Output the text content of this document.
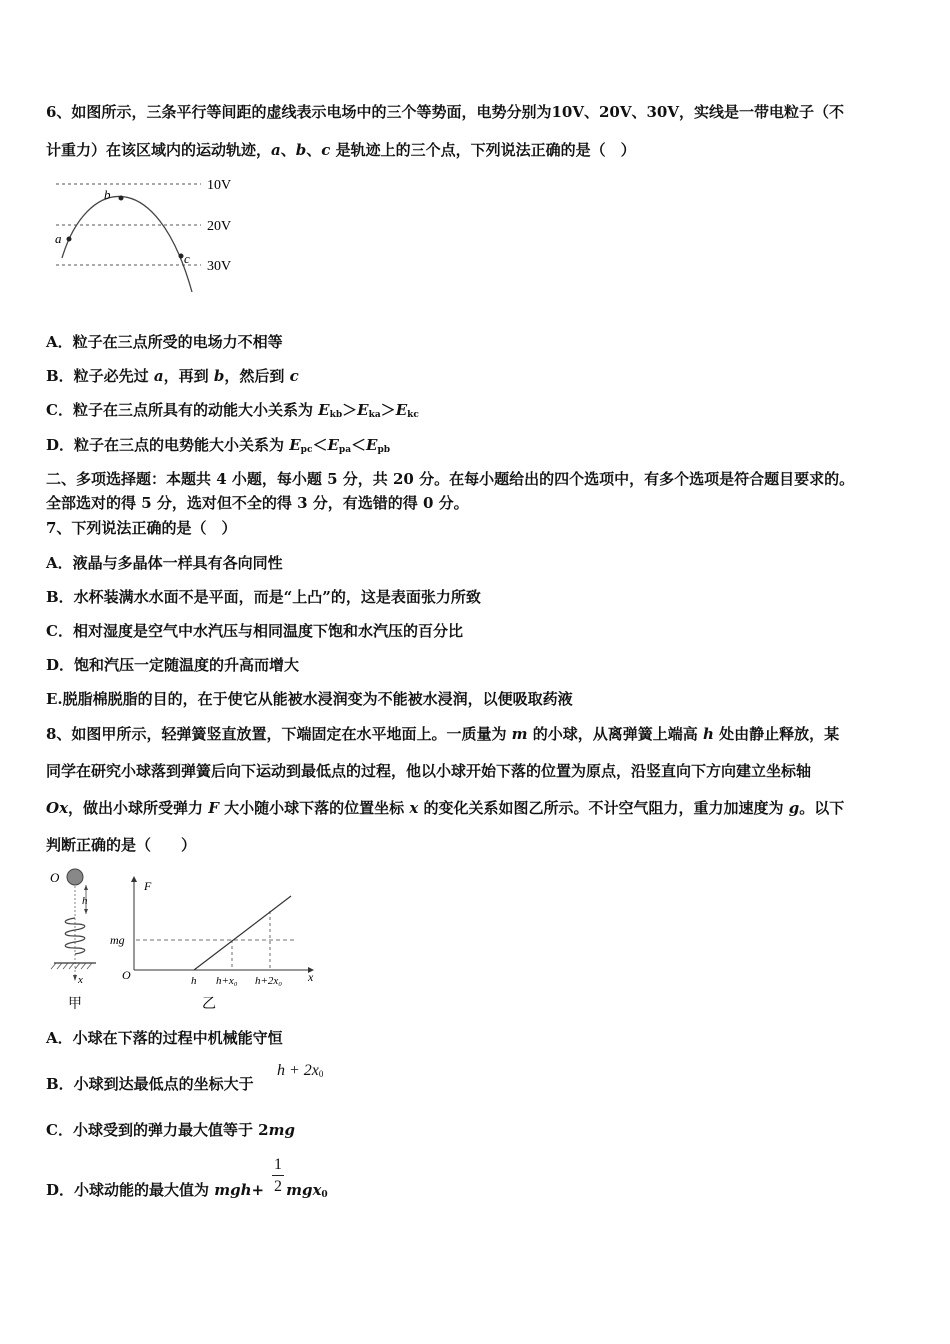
6、如图所示，三条平行等间距的虚线表示电场中的三个等势面，电势分别为10V、20V、30V，实线是一带电粒子（不
计重力）在该区域内的运动轨迹，a、b、c 是轨迹上的三个点，下列说法正确的是（　）
10V
20V
30V
a
b
c
A．粒子在三点所受的电场力不相等
B．粒子必先过 a，再到 b，然后到 c
C．粒子在三点所具有的动能大小关系为 $E_{kb}>E_{ka}>E_{kc}$
D．粒子在三点的电势能大小关系为 $E_{pc}<E_{pa}<E_{pb}$
二、多项选择题：本题共 4 小题，每小题 5 分，共 20 分。在每小题给出的四个选项中，有多个选项是符合题目要求的。
全部选对的得 5 分，选对但不全的得 3 分，有选错的得 0 分。
7、下列说法正确的是（　）
A．液晶与多晶体一样具有各向同性
B．水杯装满水水面不是平面，而是“上凸”的，这是表面张力所致
C．相对湿度是空气中水汽压与相同温度下饱和水汽压的百分比
D．饱和汽压一定随温度的升高而增大
E.脱脂棉脱脂的目的，在于使它从能被水浸润变为不能被水浸润，以便吸取药液
8、如图甲所示，轻弹簧竖直放置，下端固定在水平地面上。一质量为 m 的小球，从离弹簧上端高 h 处由静止释放，某
同学在研究小球落到弹簧后向下运动到最低点的过程，他以小球开始下落的位置为原点，沿竖直向下方向建立坐标轴
Ox，做出小球所受弹力 F 大小随小球下落的位置坐标 x 的变化关系如图乙所示。不计空气阻力，重力加速度为 g。以下
判断正确的是（　　）
O
h
x
甲
F
mg
O	h h+x₀ h+2x₀ x
乙
A．小球在下落的过程中机械能守恒
B．小球到达最低点的坐标大于
$h + 2x_0$
C．小球受到的弹力最大值等于 2mg
D．小球动能的最大值为 mgh+ mgx$_0$
1
2
